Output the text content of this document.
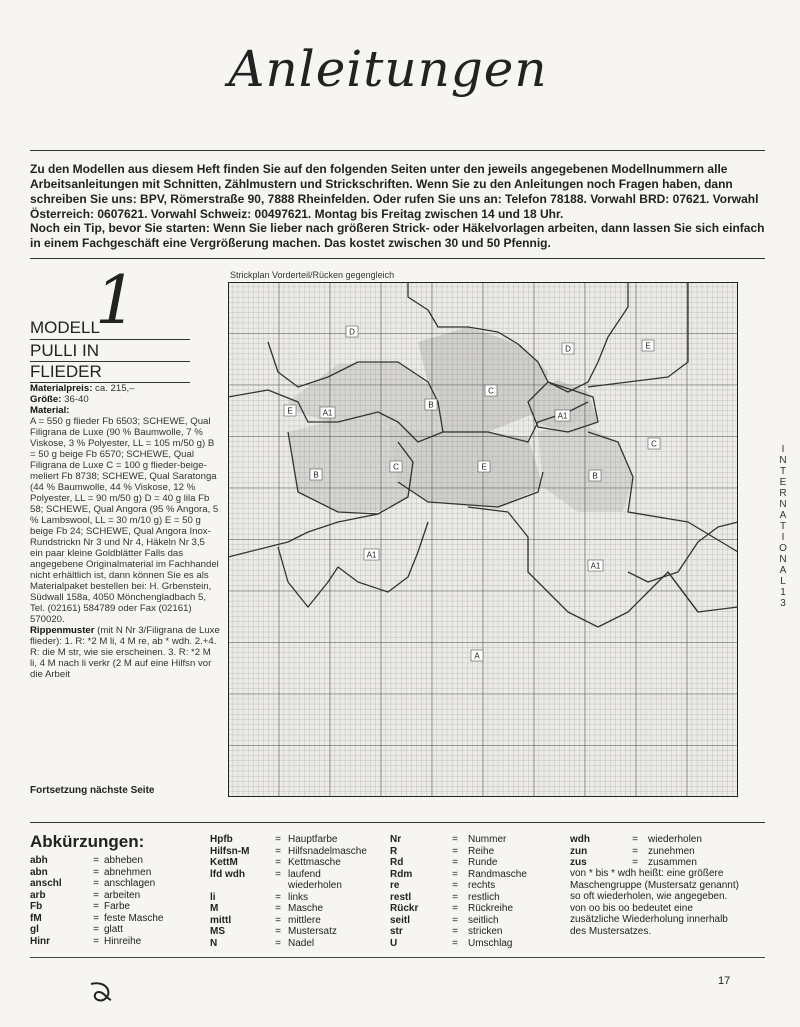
Anleitungen

Zu den Modellen aus diesem Heft finden Sie auf den folgenden Seiten unter den jeweils angegebenen Modellnummern alle Arbeitsanleitungen mit Schnitten, Zählmustern und Strickschriften. Wenn Sie zu den Anleitungen noch Fragen haben, dann schreiben Sie uns: BPV, Römerstraße 90, 7888 Rheinfelden. Oder rufen Sie uns an: Telefon 78188. Vorwahl BRD: 07621. Vorwahl Österreich: 0607621. Vorwahl Schweiz: 00497621. Montag bis Freitag zwischen 14 und 18 Uhr.

Noch ein Tip, bevor Sie starten: Wenn Sie lieber nach größeren Strick- oder Häkelvorlagen arbeiten, dann lassen Sie sich einfach in einem Fachgeschäft eine Vergrößerung machen. Das kostet zwischen 30 und 50 Pfennig.

1
MODELL
PULLI IN
FLIEDER

Materialpreis: ca. 215,–

Größe: 36-40

Material:

A = 550 g flieder Fb 6503; SCHEWE, Qual Filigrana de Luxe (90 % Baumwolle, 7 % Viskose, 3 % Polyester, LL = 105 m/50 g) B = 50 g beige Fb 6570; SCHEWE, Qual Filigrana de Luxe C = 100 g flieder-beige-meliert Fb 8738; SCHEWE, Qual Saratonga (44 % Baumwolle, 44 % Viskose, 12 % Polyester, LL = 90 m/50 g) D = 40 g lila Fb 58; SCHEWE, Qual Angora (95 % Angora, 5 % Lambswool, LL = 30 m/10 g) E = 50 g beige Fb 24; SCHEWE, Qual Angora Inox-Rundstrickn Nr 3 und Nr 4, Häkeln Nr 3,5 ein paar kleine Goldblätter Falls das angegebene Originalmaterial im Fachhandel nicht erhältlich ist, dann können Sie es als Materialpaket bestellen bei: H. Grbenstein, Südwall 158a, 4050 Mönchengladbach 5, Tel. (02161) 584789 oder Fax (02161) 570020.

Rippenmuster (mit N Nr 3/Filigrana de Luxe flieder): 1. R: *2 M li, 4 M re, ab * wdh. 2.+4. R: die M str, wie sie erscheinen. 3. R: *2 M li, 4 M nach li verkr (2 M auf eine Hilfsn vor die Arbeit

Fortsetzung nächste Seite
Strickplan Vorderteil/Rücken gegengleich
D
D	E
C
B
E	A1	A1
C
E
C
B	B
A1
A1
A
Abkürzungen:
abh	= abheben
abn	= abnehmen
anschl	= anschlagen
arb	= arbeiten
Fb	= Farbe
fM	= feste Masche
gl	= glatt
Hinr	= Hinreihe
Hpfb	= Hauptfarbe
Hilfsn-M	= Hilfsnadelmasche
KettM	= Kettmasche
lfd wdh	= laufend
wiederholen
li	= links
M	= Masche
mittl	= mittlere
MS	= Mustersatz
N	= Nadel
Nr	= Nummer
R	= Reihe
Rd	= Runde
Rdm	= Randmasche
re	= rechts
restl	= restlich
Rückr	= Rückreihe
seitl	= seitlich
str	= stricken
U	= Umschlag
wdh	= wiederholen
zun	= zunehmen
zus	= zusammen

von * bis * wdh heißt: eine größere Maschengruppe (Mustersatz genannt) so oft wiederholen, wie angegeben. von oo bis oo bedeutet eine zusätzliche Wiederholung innerhalb des Mustersatzes.

I
N
T
E
R
N
A
T
I
O
N
A
L
1
3
17
